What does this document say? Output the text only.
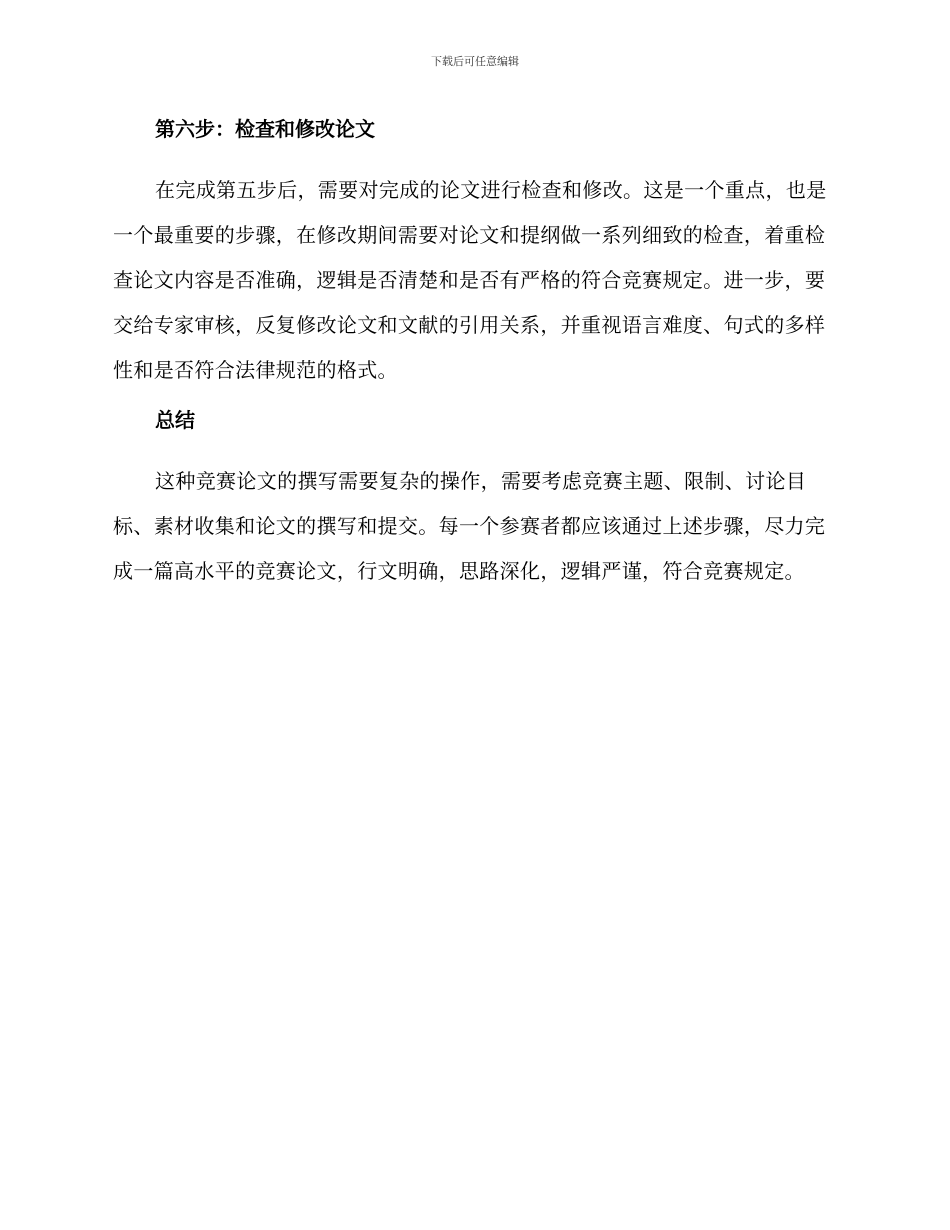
下载后可任意编辑
第六步：检查和修改论文

在完成第五步后，需要对完成的论文进行检查和修改。这是一个重点，也是一个最重要的步骤，在修改期间需要对论文和提纲做一系列细致的检查，着重检查论文内容是否准确，逻辑是否清楚和是否有严格的符合竞赛规定。进一步，要交给专家审核，反复修改论文和文献的引用关系，并重视语言难度、句式的多样性和是否符合法律规范的格式。

总结

这种竞赛论文的撰写需要复杂的操作，需要考虑竞赛主题、限制、讨论目标、素材收集和论文的撰写和提交。每一个参赛者都应该通过上述步骤，尽力完成一篇高水平的竞赛论文，行文明确，思路深化，逻辑严谨，符合竞赛规定。
